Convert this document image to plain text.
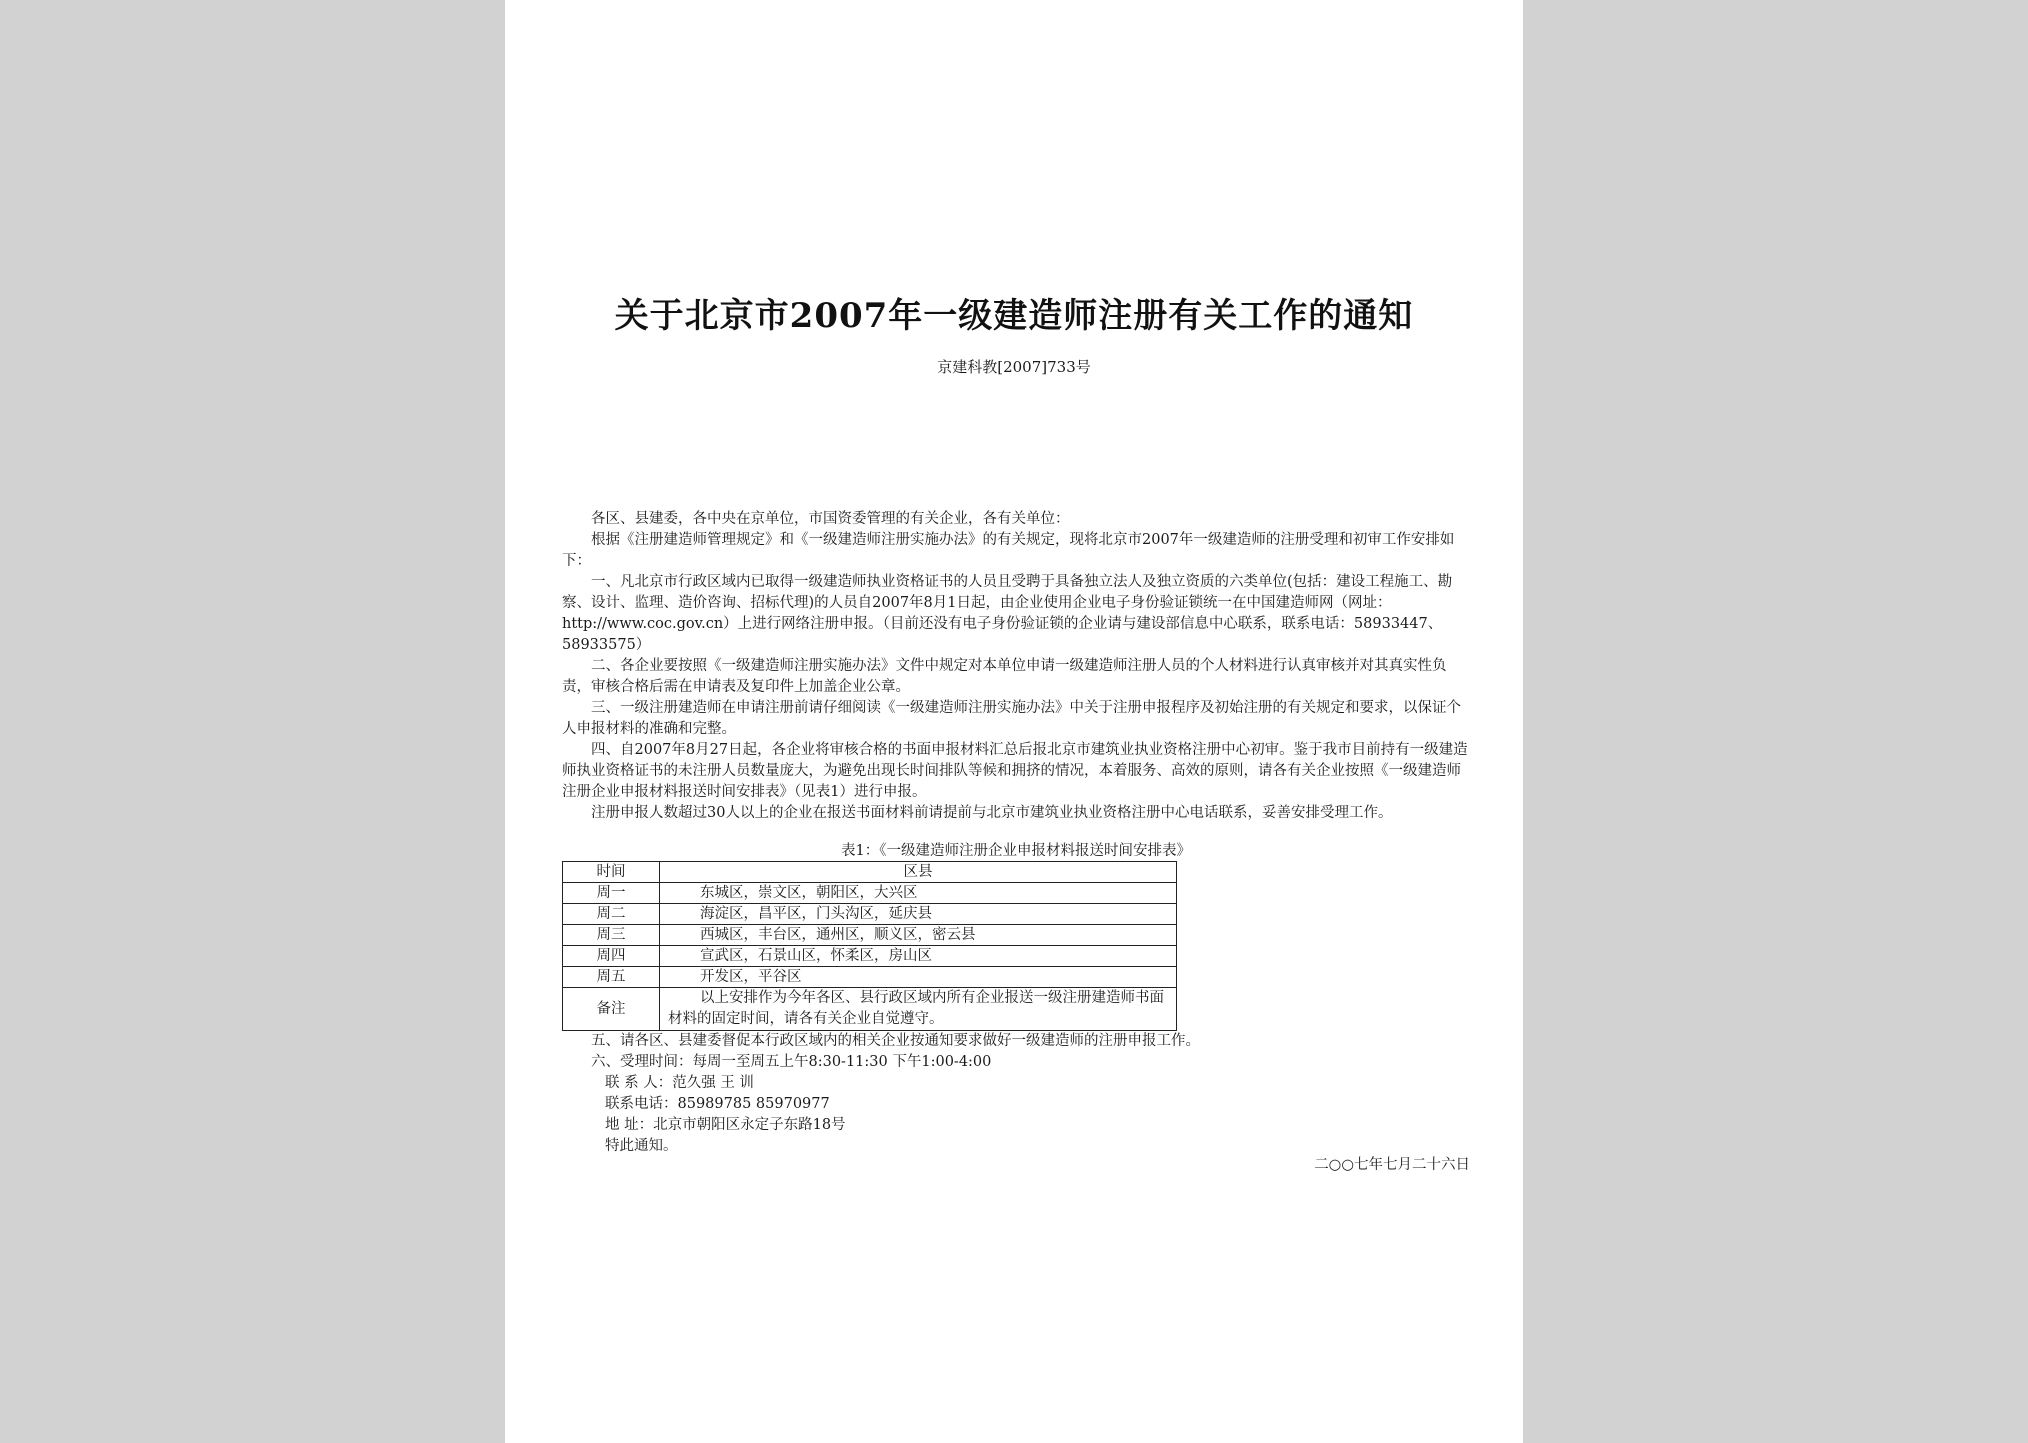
关于北京市2007年一级建造师注册有关工作的通知
京建科教[2007]733号

各区、县建委，各中央在京单位，市国资委管理的有关企业，各有关单位：

根据《注册建造师管理规定》和《一级建造师注册实施办法》的有关规定，现将北京市2007年一级建造师的注册受理和初审工作安排如下：

一、凡北京市行政区域内已取得一级建造师执业资格证书的人员且受聘于具备独立法人及独立资质的六类单位(包括：建设工程施工、勘察、设计、监理、造价咨询、招标代理)的人员自2007年8月1日起，由企业使用企业电子身份验证锁统一在中国建造师网（网址：http://www.coc.gov.cn）上进行网络注册申报。（目前还没有电子身份验证锁的企业请与建设部信息中心联系，联系电话：58933447、58933575）

二、各企业要按照《一级建造师注册实施办法》文件中规定对本单位申请一级建造师注册人员的个人材料进行认真审核并对其真实性负责，审核合格后需在申请表及复印件上加盖企业公章。

三、一级注册建造师在申请注册前请仔细阅读《一级建造师注册实施办法》中关于注册申报程序及初始注册的有关规定和要求，以保证个人申报材料的准确和完整。

四、自2007年8月27日起，各企业将审核合格的书面申报材料汇总后报北京市建筑业执业资格注册中心初审。鉴于我市目前持有一级建造师执业资格证书的未注册人员数量庞大，为避免出现长时间排队等候和拥挤的情况，本着服务、高效的原则，请各有关企业按照《一级建造师注册企业申报材料报送时间安排表》（见表1）进行申报。

注册申报人数超过30人以上的企业在报送书面材料前请提前与北京市建筑业执业资格注册中心电话联系，妥善安排受理工作。

表1：《一级建造师注册企业申报材料报送时间安排表》
时间	区县
周一	东城区，崇文区，朝阳区，大兴区
周二	海淀区，昌平区，门头沟区，延庆县
周三	西城区，丰台区，通州区，顺义区，密云县
周四	宣武区，石景山区，怀柔区，房山区
周五	开发区，平谷区
备注	以上安排作为今年各区、县行政区域内所有企业报送一级注册建造师书面材料的固定时间，请各有关企业自觉遵守。

五、请各区、县建委督促本行政区域内的相关企业按通知要求做好一级建造师的注册申报工作。

六、受理时间：每周一至周五上午8:30-11:30 下午1:00-4:00

联 系 人：范久强 王 训

联系电话：85989785 85970977

地 址：北京市朝阳区永定子东路18号

特此通知。

二○○七年七月二十六日
